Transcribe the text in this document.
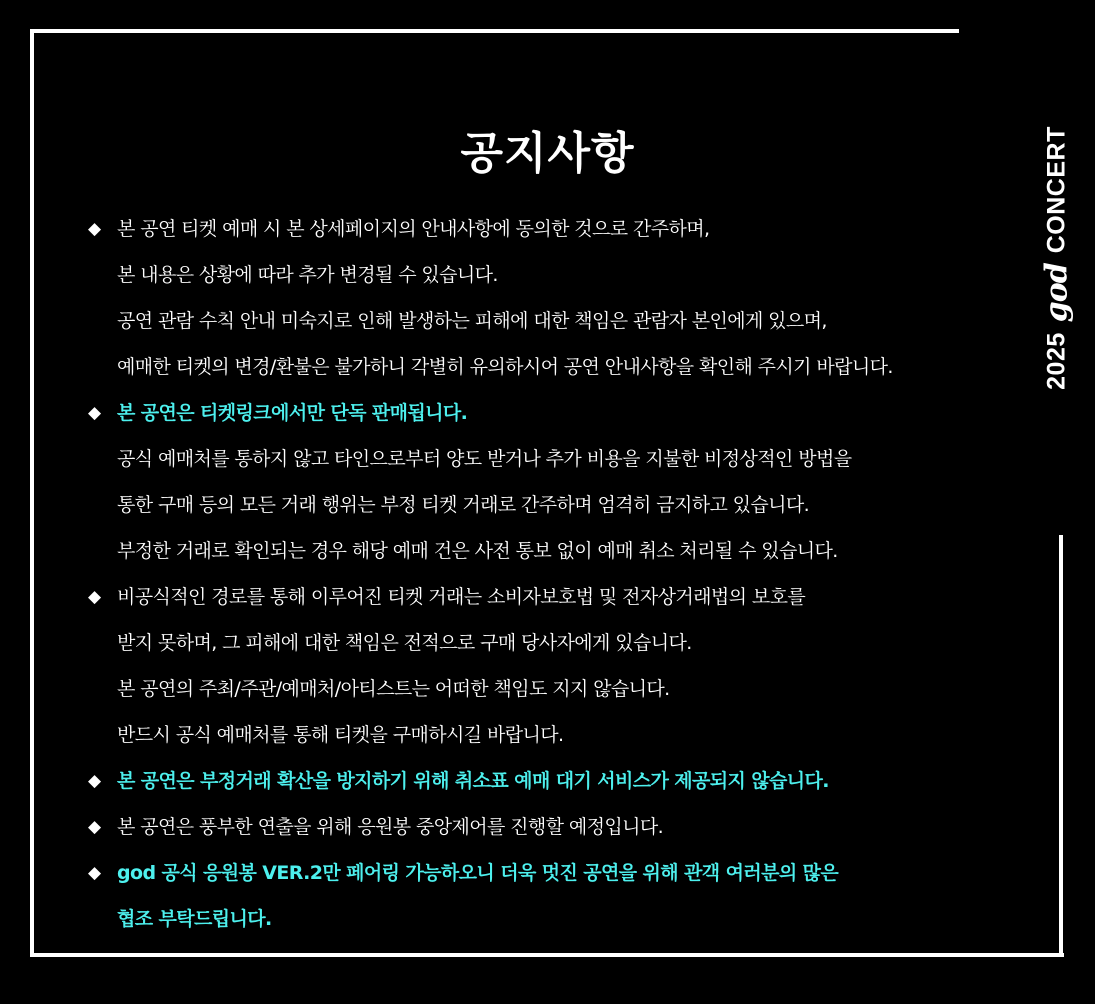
2025
god
CONCERT
공지사항
◆ 본 공연 티켓 예매 시 본 상세페이지의 안내사항에 동의한 것으로 간주하며,
본 내용은 상황에 따라 추가 변경될 수 있습니다.
공연 관람 수칙 안내 미숙지로 인해 발생하는 피해에 대한 책임은 관람자 본인에게 있으며,
예매한 티켓의 변경/환불은 불가하니 각별히 유의하시어 공연 안내사항을 확인해 주시기 바랍니다.
◆ 본 공연은 티켓링크에서만 단독 판매됩니다.
공식 예매처를 통하지 않고 타인으로부터 양도 받거나 추가 비용을 지불한 비정상적인 방법을
통한 구매 등의 모든 거래 행위는 부정 티켓 거래로 간주하며 엄격히 금지하고 있습니다.
부정한 거래로 확인되는 경우 해당 예매 건은 사전 통보 없이 예매 취소 처리될 수 있습니다.
◆ 비공식적인 경로를 통해 이루어진 티켓 거래는 소비자보호법 및 전자상거래법의 보호를
받지 못하며, 그 피해에 대한 책임은 전적으로 구매 당사자에게 있습니다.
본 공연의 주최/주관/예매처/아티스트는 어떠한 책임도 지지 않습니다.
반드시 공식 예매처를 통해 티켓을 구매하시길 바랍니다.
◆ 본 공연은 부정거래 확산을 방지하기 위해 취소표 예매 대기 서비스가 제공되지 않습니다.
◆ 본 공연은 풍부한 연출을 위해 응원봉 중앙제어를 진행할 예정입니다.
◆ god 공식 응원봉 VER.2만 페어링 가능하오니 더욱 멋진 공연을 위해 관객 여러분의 많은
협조 부탁드립니다.
